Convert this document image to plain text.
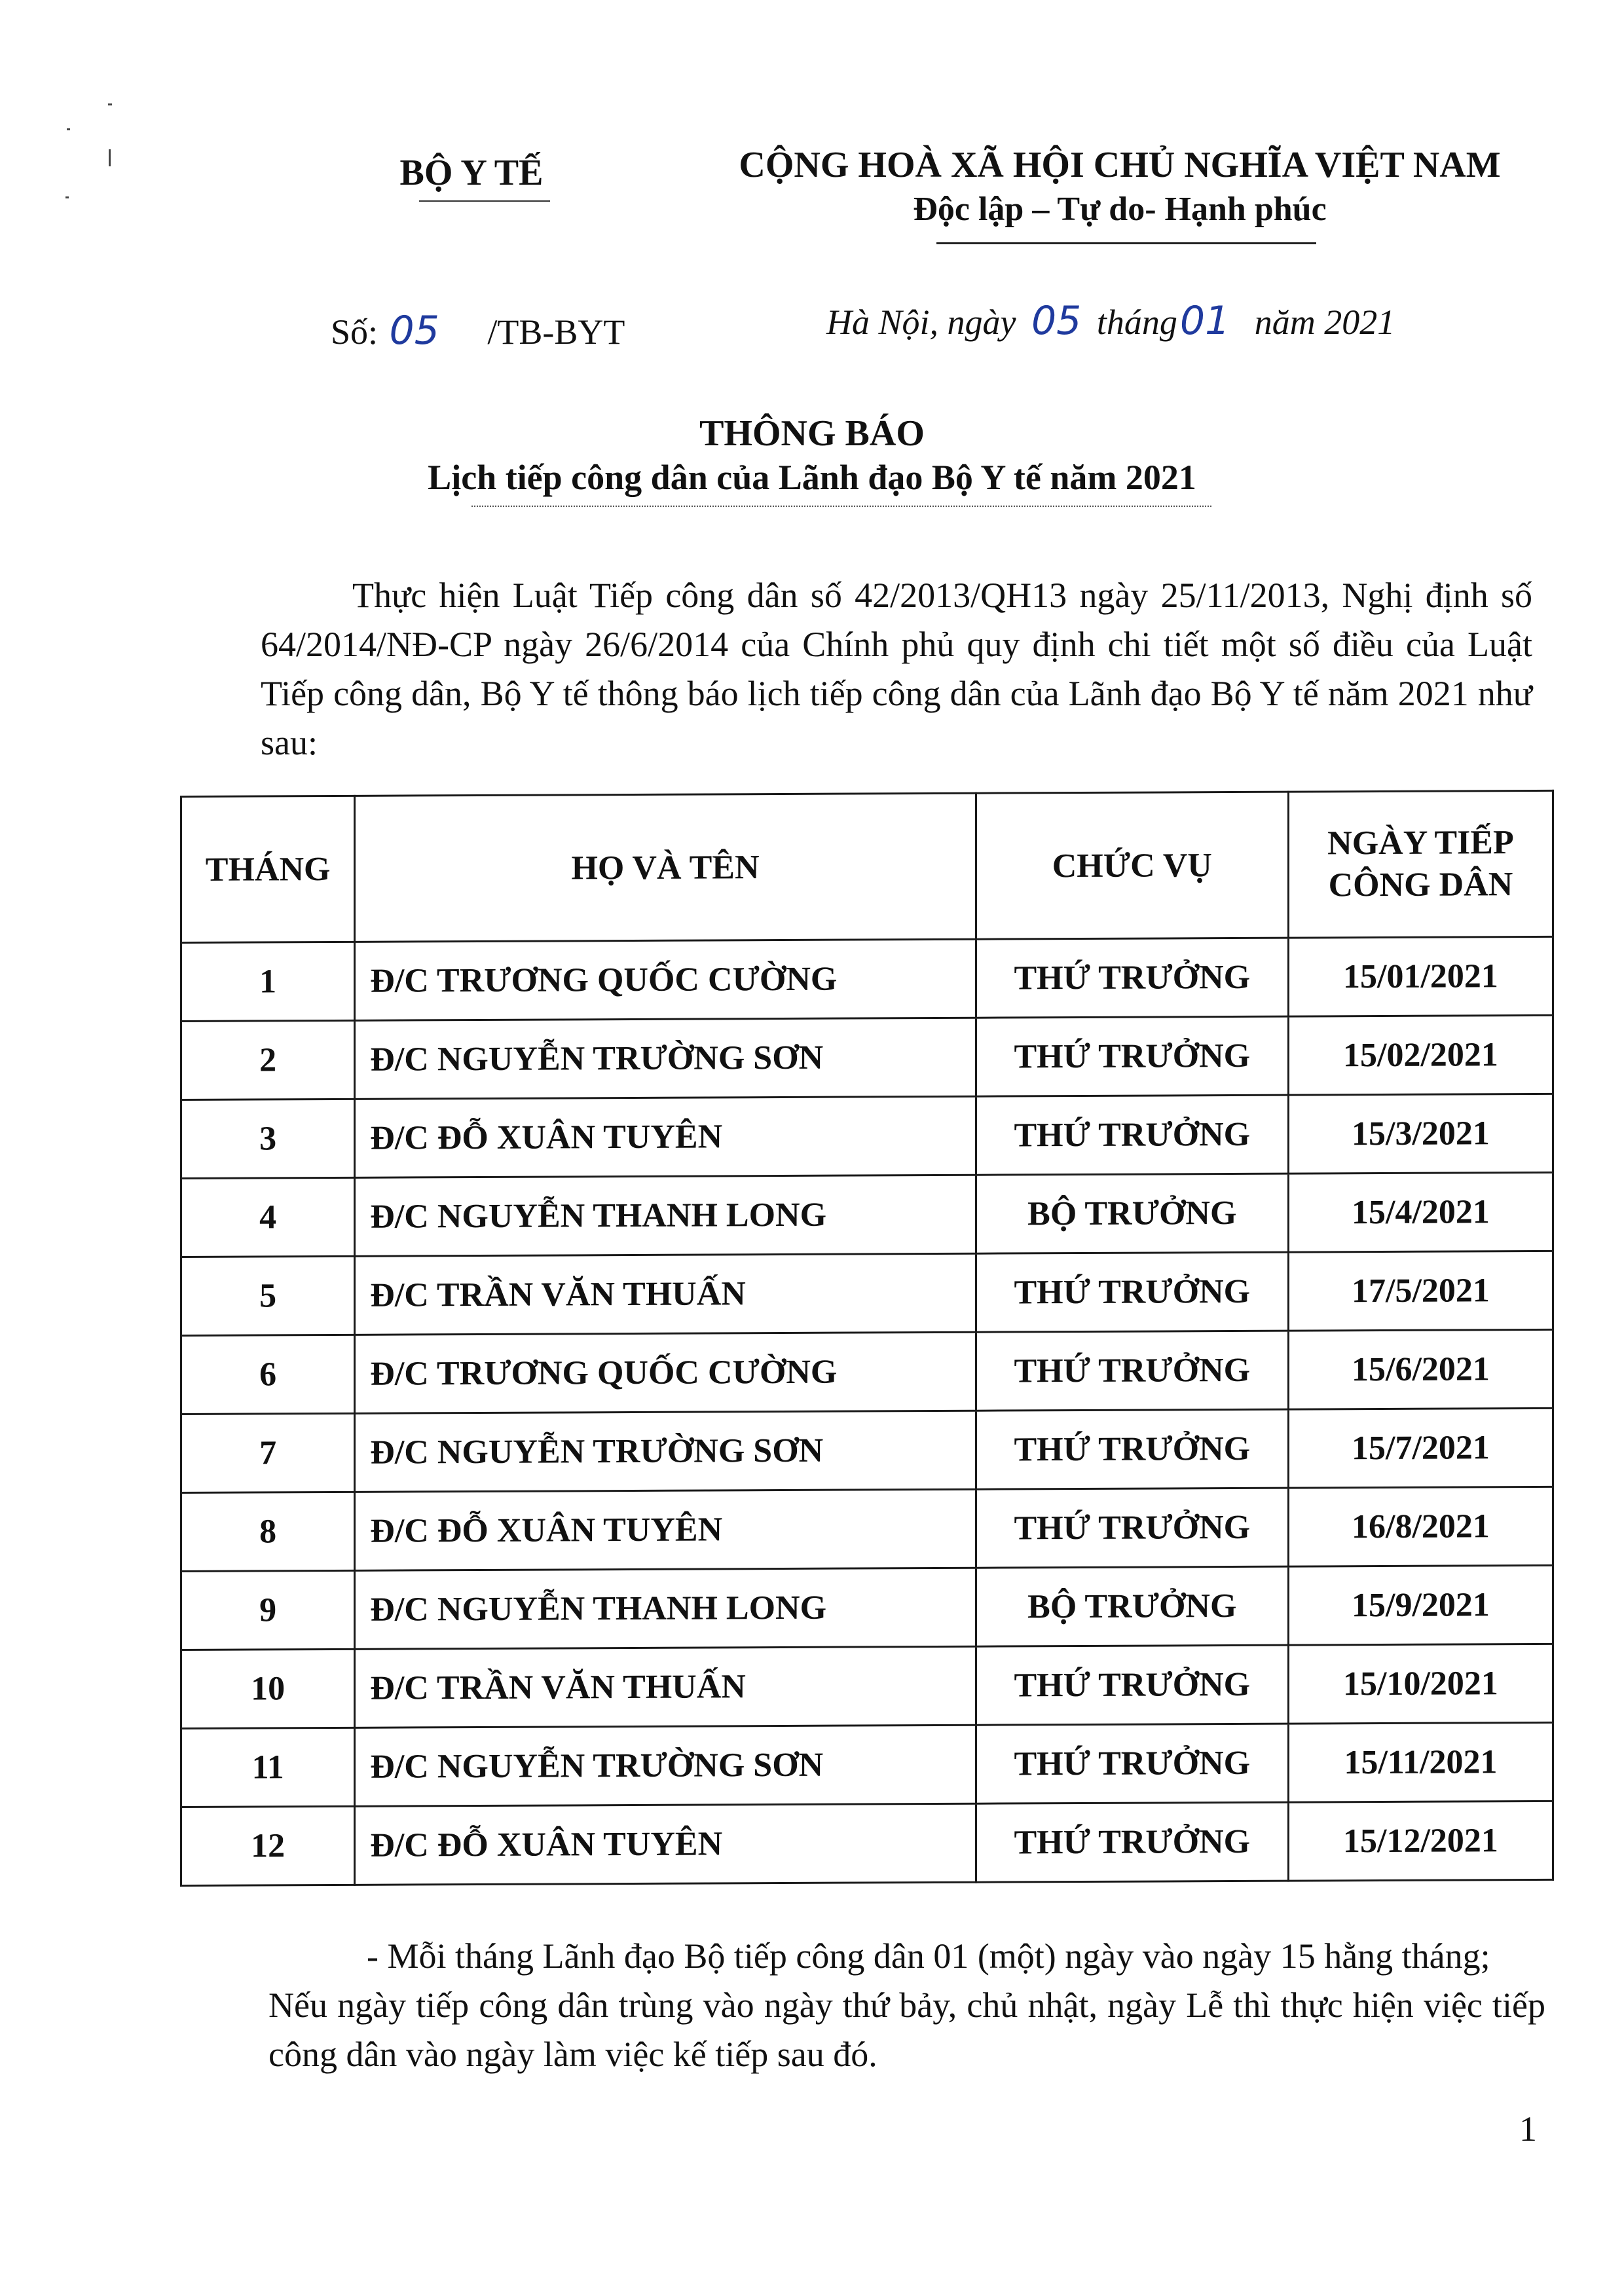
BỘ Y TẾ	CỘNG HOÀ XÃ HỘI CHỦ NGHĨA VIỆT NAM
Độc lập – Tự do- Hạnh phúc
Số: 05 /TB-BYT	Hà Nội, ngày 05 tháng01 năm 2021
THÔNG BÁO
Lịch tiếp công dân của Lãnh đạo Bộ Y tế năm 2021
Thực hiện Luật Tiếp công dân số 42/2013/QH13 ngày 25/11/2013, Nghị định số 64/2014/NĐ-CP ngày 26/6/2014 của Chính phủ quy định chi tiết một số điều của Luật Tiếp công dân, Bộ Y tế thông báo lịch tiếp công dân của Lãnh đạo Bộ Y tế năm 2021 như sau:
THÁNG	HỌ VÀ TÊN	CHỨC VỤ	NGÀY TIẾP
CÔNG DÂN
1	Đ/C TRƯƠNG QUỐC CƯỜNG	THỨ TRƯỞNG	15/01/2021
2	Đ/C NGUYỄN TRƯỜNG SƠN	THỨ TRƯỞNG	15/02/2021
3	Đ/C ĐỖ XUÂN TUYÊN	THỨ TRƯỞNG	15/3/2021
4	Đ/C NGUYỄN THANH LONG	BỘ TRƯỞNG	15/4/2021
5	Đ/C TRẦN VĂN THUẤN	THỨ TRƯỞNG	17/5/2021
6	Đ/C TRƯƠNG QUỐC CƯỜNG	THỨ TRƯỞNG	15/6/2021
7	Đ/C NGUYỄN TRƯỜNG SƠN	THỨ TRƯỞNG	15/7/2021
8	Đ/C ĐỖ XUÂN TUYÊN	THỨ TRƯỞNG	16/8/2021
9	Đ/C NGUYỄN THANH LONG	BỘ TRƯỞNG	15/9/2021
10	Đ/C TRẦN VĂN THUẤN	THỨ TRƯỞNG	15/10/2021
11	Đ/C NGUYỄN TRƯỜNG SƠN	THỨ TRƯỞNG	15/11/2021
12	Đ/C ĐỖ XUÂN TUYÊN	THỨ TRƯỞNG	15/12/2021
- Mỗi tháng Lãnh đạo Bộ tiếp công dân 01 (một) ngày vào ngày 15 hằng tháng;
Nếu ngày tiếp công dân trùng vào ngày thứ bảy, chủ nhật, ngày Lễ thì thực hiện việc tiếp công dân vào ngày làm việc kế tiếp sau đó.
1
